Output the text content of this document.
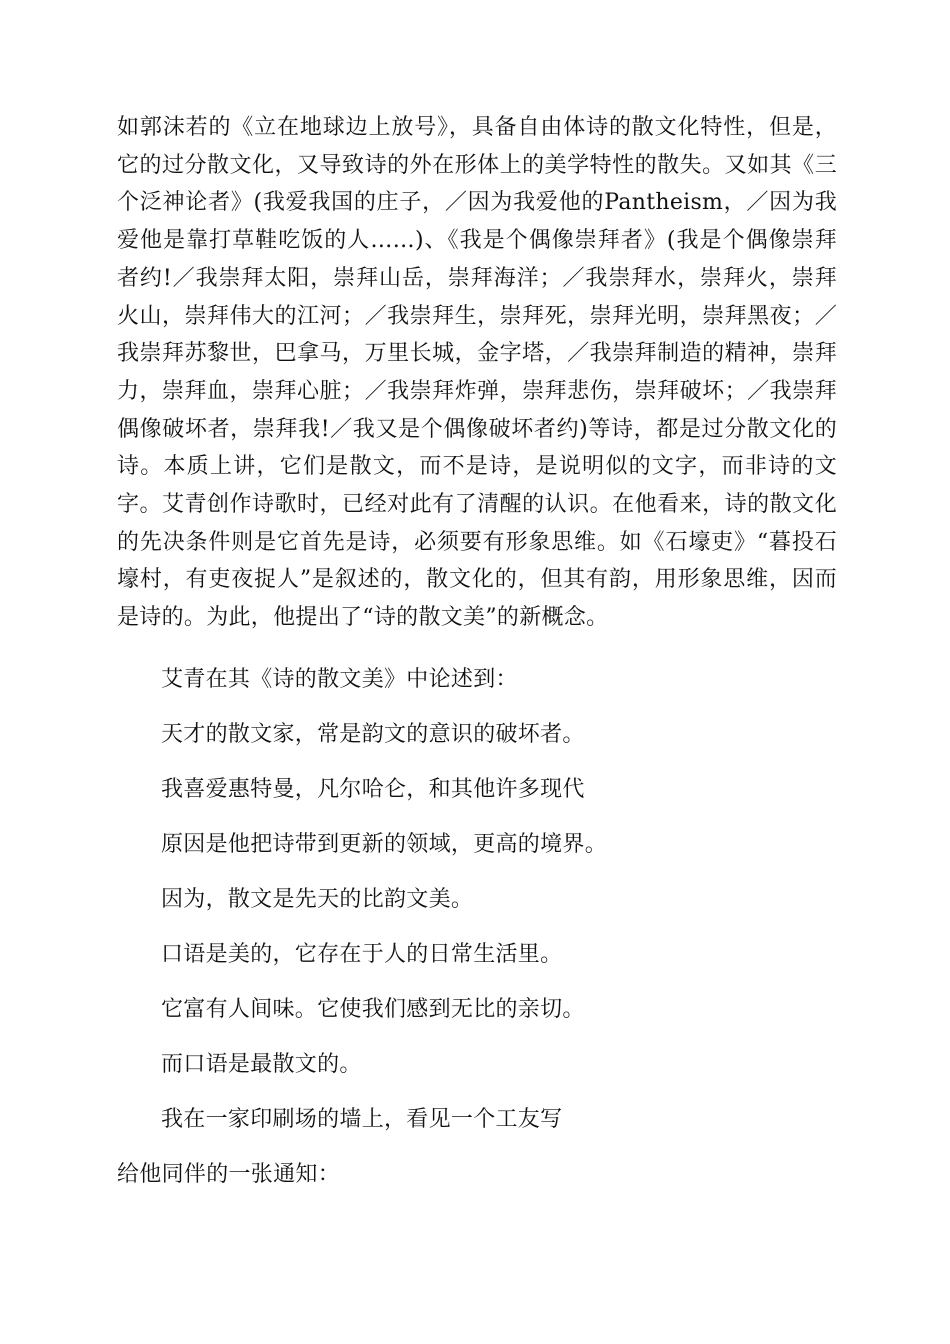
如郭沫若的《立在地球边上放号》，具备自由体诗的散文化特性，但是，它的过分散文化，又导致诗的外在形体上的美学特性的散失。又如其《三个泛神论者》(我爱我国的庄子，／因为我爱他的Pantheism，／因为我爱他是靠打草鞋吃饭的人……)、《我是个偶像崇拜者》(我是个偶像崇拜者约!／我崇拜太阳，崇拜山岳，崇拜海洋；／我崇拜水，崇拜火，崇拜火山，崇拜伟大的江河；／我崇拜生，崇拜死，崇拜光明，崇拜黑夜；／我崇拜苏黎世，巴拿马，万里长城，金字塔，／我崇拜制造的精神，崇拜力，崇拜血，崇拜心脏；／我崇拜炸弹，崇拜悲伤，崇拜破坏；／我崇拜偶像破坏者，崇拜我!／我又是个偶像破坏者约)等诗，都是过分散文化的诗。本质上讲，它们是散文，而不是诗，是说明似的文字，而非诗的文字。艾青创作诗歌时，已经对此有了清醒的认识。在他看来，诗的散文化的先决条件则是它首先是诗，必须要有形象思维。如《石壕吏》“暮投石壕村，有吏夜捉人”是叙述的，散文化的，但其有韵，用形象思维，因而是诗的。为此，他提出了“诗的散文美”的新概念。

艾青在其《诗的散文美》中论述到：

天才的散文家，常是韵文的意识的破坏者。

我喜爱惠特曼，凡尔哈仑，和其他许多现代

原因是他把诗带到更新的领域，更高的境界。

因为，散文是先天的比韵文美。

口语是美的，它存在于人的日常生活里。

它富有人间味。它使我们感到无比的亲切。

而口语是最散文的。

我在一家印刷场的墙上，看见一个工友写

给他同伴的一张通知：
